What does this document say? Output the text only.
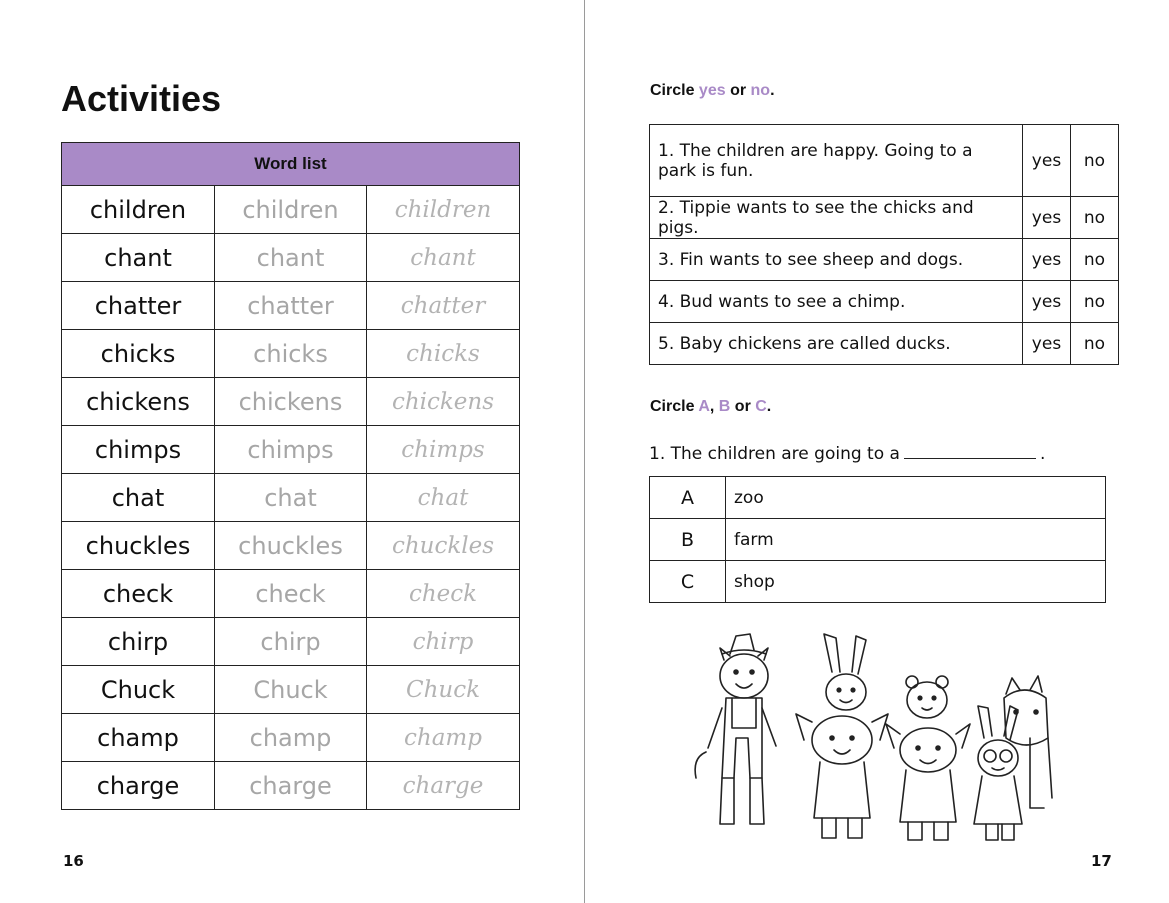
Activities
Word list		
children	children	children
chant	chant	chant
chatter	chatter	chatter
chicks	chicks	chicks
chickens	chickens	chickens
chimps	chimps	chimps
chat	chat	chat
chuckles	chuckles	chuckles
check	check	check
chirp	chirp	chirp
Chuck	Chuck	Chuck
champ	champ	champ
charge	charge	charge

16

Circle yes or no.

1. The children are happy. Going to a park is fun.	yes	no
2. Tippie wants to see the chicks and pigs.	yes	no
3. Fin wants to see sheep and dogs.	yes	no
4. Bud wants to see a chimp.	yes	no
5. Baby chickens are called ducks.	yes	no

Circle A, B or C.

1. The children are going to a	.

A	zoo
B	farm
C	shop

17
